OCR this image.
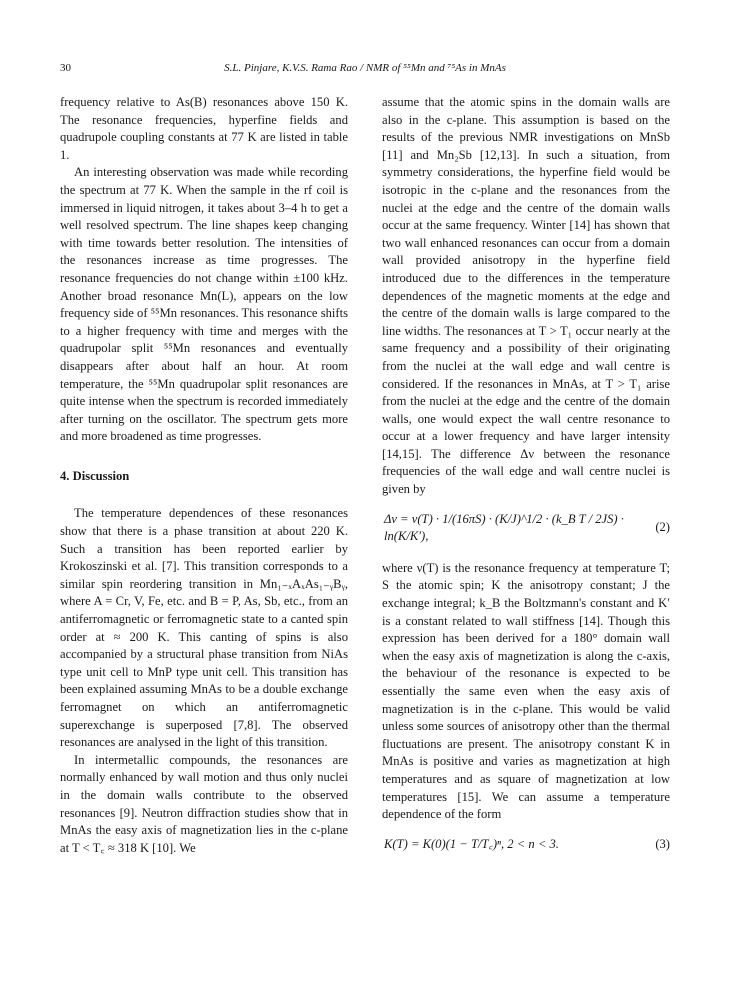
30	S.L. Pinjare, K.V.S. Rama Rao / NMR of ⁵⁵Mn and ⁷⁵As in MnAs

frequency relative to As(B) resonances above 150 K. The resonance frequencies, hyperfine fields and quadrupole coupling constants at 77 K are listed in table 1.

An interesting observation was made while recording the spectrum at 77 K. When the sample in the rf coil is immersed in liquid nitrogen, it takes about 3–4 h to get a well resolved spectrum. The line shapes keep changing with time towards better resolution. The intensities of the resonances increase as time progresses. The resonance frequencies do not change within ±100 kHz. Another broad resonance Mn(L), appears on the low frequency side of ⁵⁵Mn resonances. This resonance shifts to a higher frequency with time and merges with the quadrupolar split ⁵⁵Mn resonances and eventually disappears after about half an hour. At room temperature, the ⁵⁵Mn quadrupolar split resonances are quite intense when the spectrum is recorded immediately after turning on the oscillator. The spectrum gets more and more broadened as time progresses.

4. Discussion

The temperature dependences of these resonances show that there is a phase transition at about 220 K. Such a transition has been reported earlier by Krokoszinski et al. [7]. This transition corresponds to a similar spin reordering transition in Mn₁₋ₓAₓAs₁₋ᵧBᵧ, where A = Cr, V, Fe, etc. and B = P, As, Sb, etc., from an antiferromagnetic or ferromagnetic state to a canted spin order at ≈ 200 K. This canting of spins is also accompanied by a structural phase transition from NiAs type unit cell to MnP type unit cell. This transition has been explained assuming MnAs to be a double exchange ferromagnet on which an antiferromagnetic superexchange is superposed [7,8]. The observed resonances are analysed in the light of this transition.

In intermetallic compounds, the resonances are normally enhanced by wall motion and thus only nuclei in the domain walls contribute to the observed resonances [9]. Neutron diffraction studies show that in MnAs the easy axis of magnetization lies in the c-plane at T < T꜀ ≈ 318 K [10]. We

assume that the atomic spins in the domain walls are also in the c-plane. This assumption is based on the results of the previous NMR investigations on MnSb [11] and Mn₂Sb [12,13]. In such a situation, from symmetry considerations, the hyperfine field would be isotropic in the c-plane and the resonances from the nuclei at the edge and the centre of the domain walls occur at the same frequency. Winter [14] has shown that two wall enhanced resonances can occur from a domain wall provided anisotropy in the hyperfine field introduced due to the differences in the temperature dependences of the magnetic moments at the edge and the centre of the domain walls is large compared to the line widths. The resonances at T > T₁ occur nearly at the same frequency and a possibility of their originating from the nuclei at the wall edge and wall centre is considered. If the resonances in MnAs, at T > T₁ arise from the nuclei at the edge and the centre of the domain walls, one would expect the wall centre resonance to occur at a lower frequency and have larger intensity [14,15]. The difference Δν between the resonance frequencies of the wall edge and wall centre nuclei is given by

Δν = ν(T) · 1/(16πS) · (K/J)^1/2 · (k_B T / 2JS) · ln(K/K′),
(2)

where ν(T) is the resonance frequency at temperature T; S the atomic spin; K the anisotropy constant; J the exchange integral; k_B the Boltzmann's constant and K′ is a constant related to wall stiffness [14]. Though this expression has been derived for a 180° domain wall when the easy axis of magnetization is along the c-axis, the behaviour of the resonance is expected to be essentially the same even when the easy axis of magnetization is in the c-plane. This would be valid unless some sources of anisotropy other than the thermal fluctuations are present. The anisotropy constant K in MnAs is positive and varies as magnetization at high temperatures and as square of magnetization at low temperatures [15]. We can assume a temperature dependence of the form

K(T) = K(0)(1 − T/T꜀)ⁿ, 2 < n < 3.	(3)
